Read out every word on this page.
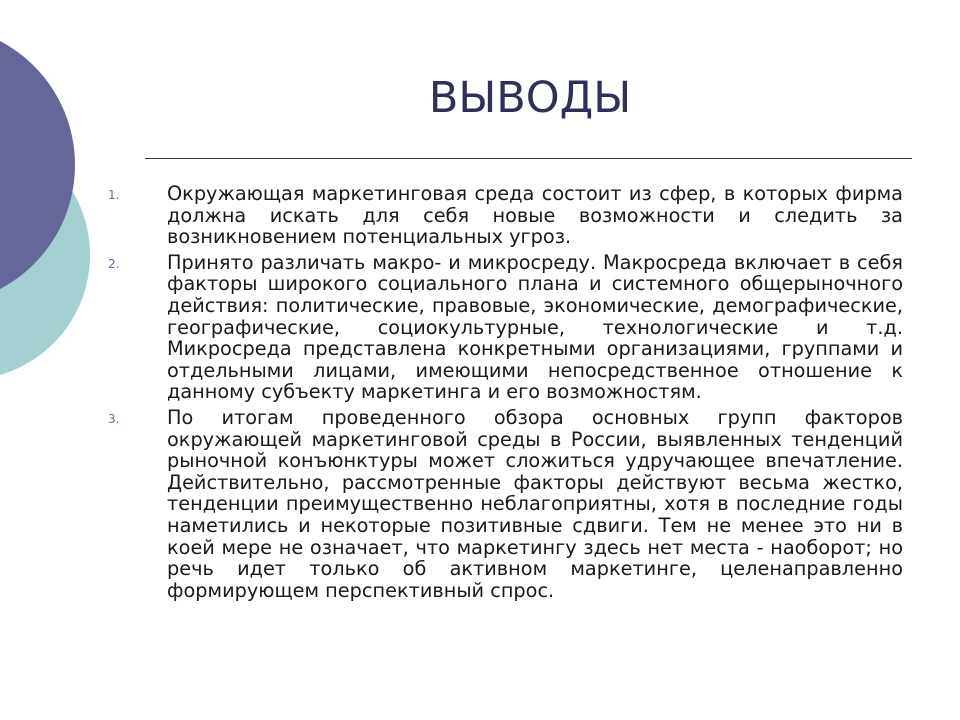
ВЫВОДЫ
1. Окружающая маркетинговая среда состоит из сфер, в которых фирма должна искать для себя новые возможности и следить за возникновением потенциальных угроз.
2. Принято различать макро- и микросреду. Макросреда включает в себя факторы широкого социального плана и системного общерыночного действия: политические, правовые, экономические, демографические, географические, социокультурные, технологические и т.д. Микросреда представлена конкретными организациями, группами и отдельными лицами, имеющими непосредственное отношение к данному субъекту маркетинга и его возможностям.
3. По итогам проведенного обзора основных групп факторов окружающей маркетинговой среды в России, выявленных тенденций рыночной конъюнктуры может сложиться удручающее впечатление. Действительно, рассмотренные факторы действуют весьма жестко, тенденции преимущественно неблагоприятны, хотя в последние годы наметились и некоторые позитивные сдвиги. Тем не менее это ни в коей мере не означает, что маркетингу здесь нет места - наоборот; но речь идет только об активном маркетинге, целенаправленно формирующем перспективный спрос.
